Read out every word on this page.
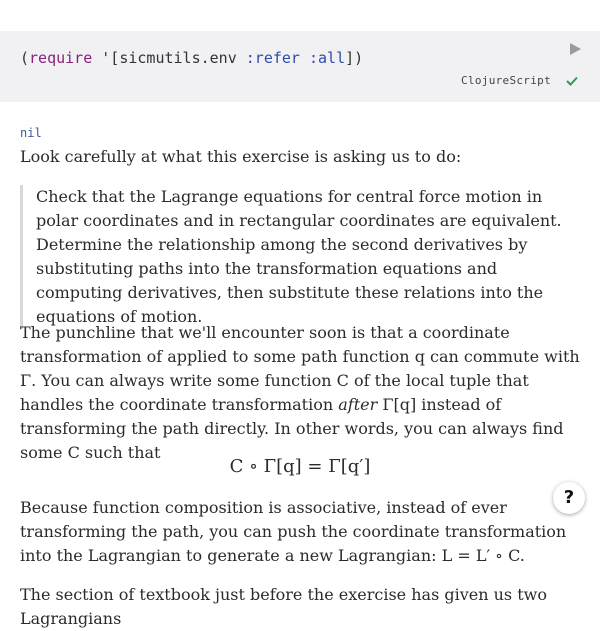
(require '[sicmutils.env :refer :all])
ClojureScript
nil
Look carefully at what this exercise is asking us to do:
Check that the Lagrange equations for central force motion in polar coordinates and in rectangular coordinates are equivalent. Determine the relationship among the second derivatives by substituting paths into the transformation equations and computing derivatives, then substitute these relations into the equations of motion.
The punchline that we'll encounter soon is that a coordinate transformation of applied to some path function q can commute with Γ. You can always write some function C of the local tuple that handles the coordinate transformation after Γ[q] instead of transforming the path directly. In other words, you can always find some C such that
C ∘ Γ[q] = Γ[q′]
Because function composition is associative, instead of ever transforming the path, you can push the coordinate transformation into the Lagrangian to generate a new Lagrangian: L = L′ ∘ C.
The section of textbook just before the exercise has given us two Lagrangians
?
